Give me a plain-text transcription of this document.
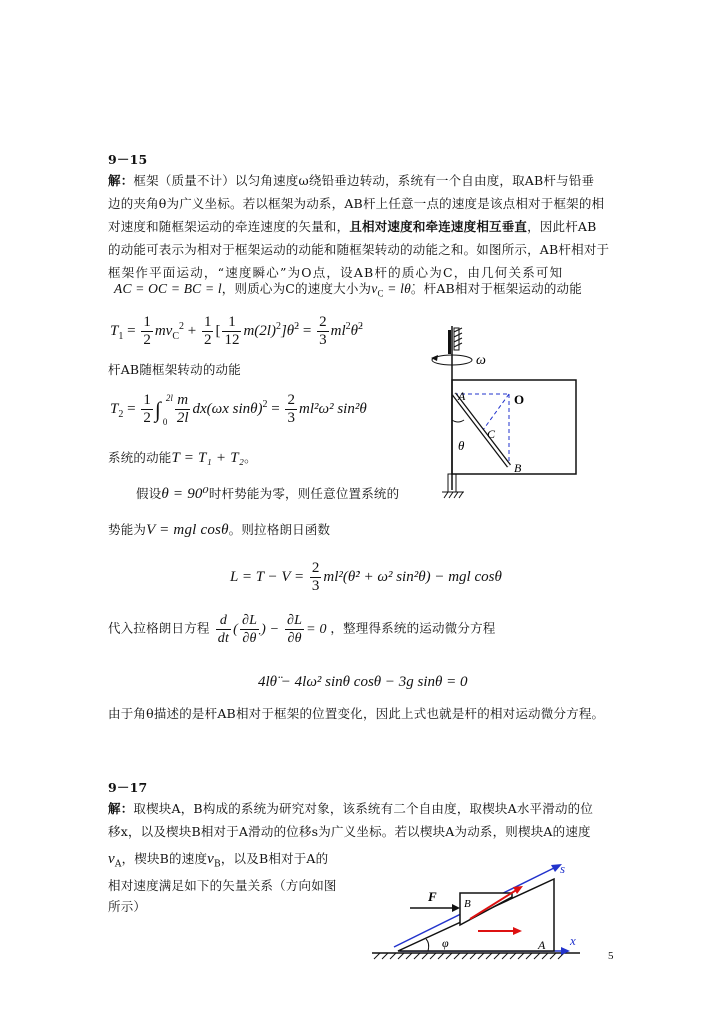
9－15
解：框架（质量不计）以匀角速度ω绕铅垂边转动，系统有一个自由度，取AB杆与铅垂
边的夹角θ为广义坐标。若以框架为动系，AB杆上任意一点的速度是该点相对于框架的相
对速度和随框架运动的牵连速度的矢量和，且相对速度和牵连速度相互垂直，因此杆AB
的动能可表示为相对于框架运动的动能和随框架转动的动能之和。如图所示，AB杆相对于
框架作平面运动，“速度瞬心”为O点，设AB杆的质心为C，由几何关系可知
AC = OC = BC = l，则质心为C的速度大小为$v_C$ = lθ̇。杆AB相对于框架运动的动能
$T_1 = \frac{1}{2} mv_C^2 + \frac{1}{2}$ [ $\frac{1}{12}$ $m(2l)^2]\thetȧ^2 = \frac{2}{3}$ $ml^2\thetȧ^2$
杆AB随框架转动的动能
$T_2 = \frac{1}{2}$ ∫ 2l
$0 \frac{m}{2l} dx(\omega x$ $\sin\theta)^2 = \frac{2}{3} ml^2\omega^2$ sin²θ
系统的动能T = T₁ + T₂。
假设θ = 90⁰时杆势能为零，则任意位置系统的
势能为V = mgl cosθ。则拉格朗日函数
$L = T - V = \frac{2}{3}$ ml²(θ̇² + ω² sin²θ) − mgl cosθ
代入拉格朗日方程 $\frac{d}{dt}$ ( $\frac{\partial L}{\partial\thetȧ}$ ) − $\frac{\partial L}{\partial\theta} = 0$ ，整理得系统的运动微分方程
4lθ̈ − 4lω² sinθ cosθ − 3g sinθ = 0
由于角θ描述的是杆AB相对于框架的位置变化，因此上式也就是杆的相对运动微分方程。
ω
A	O
C
θ
B
9－17
解：取楔块A，B构成的系统为研究对象，该系统有二个自由度，取楔块A水平滑动的位
移x，以及楔块B相对于A滑动的位移s为广义坐标。若以楔块A为动系，则楔块A的速度
$v_A$，楔块B的速度$v_B$，以及B相对于A的
相对速度满足如下的矢量关系（方向如图
所示）
x
A
s
B
F
φ
5
